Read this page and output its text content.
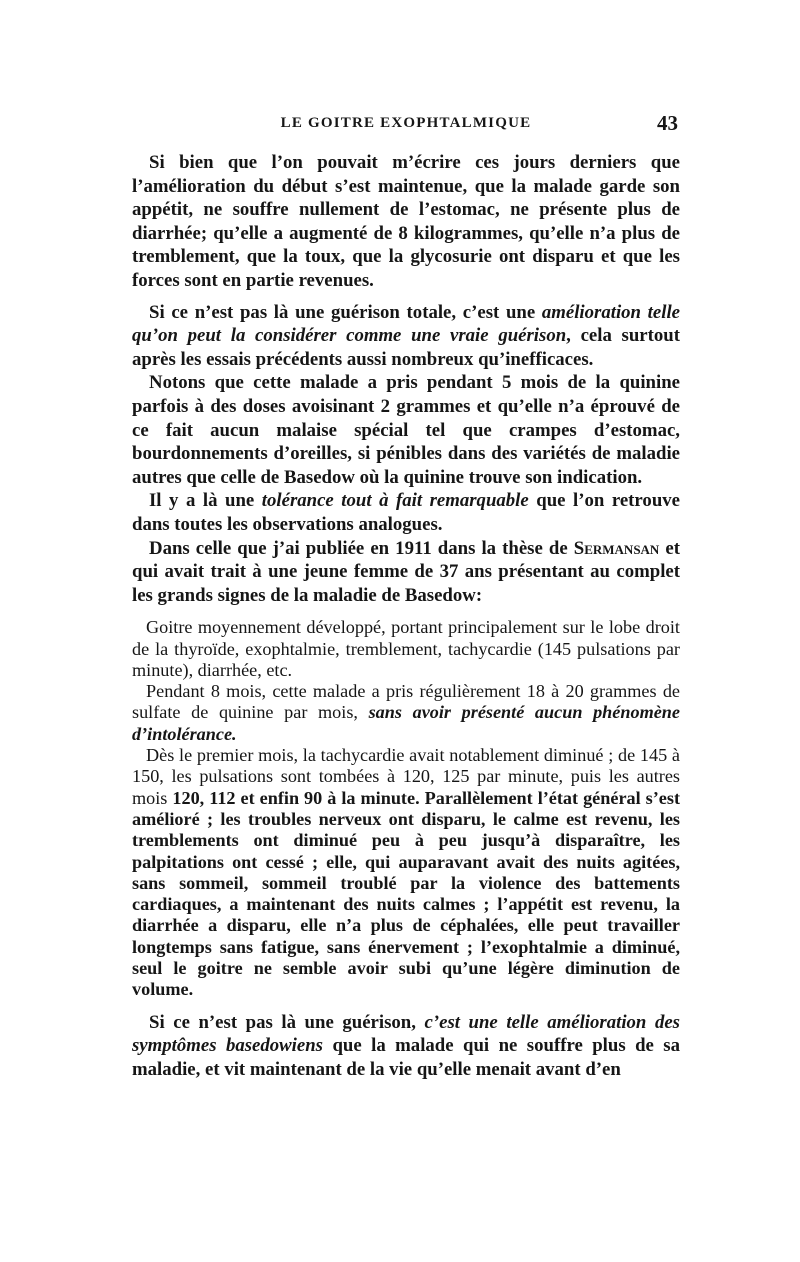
LE GOITRE EXOPHTALMIQUE	43

Si bien que l’on pouvait m’écrire ces jours derniers que l’amélioration du début s’est maintenue, que la malade garde son appétit, ne souffre nullement de l’estomac, ne présente plus de diarrhée; qu’elle a augmenté de 8 kilogrammes, qu’elle n’a plus de tremblement, que la toux, que la glycosurie ont disparu et que les forces sont en partie revenues.

Si ce n’est pas là une guérison totale, c’est une amélioration telle qu’on peut la considérer comme une vraie guérison, cela surtout après les essais précédents aussi nombreux qu’inefficaces.

Notons que cette malade a pris pendant 5 mois de la quinine parfois à des doses avoisinant 2 grammes et qu’elle n’a éprouvé de ce fait aucun malaise spécial tel que crampes d’estomac, bourdonnements d’oreilles, si pénibles dans des variétés de maladie autres que celle de Basedow où la quinine trouve son indication.

Il y a là une tolérance tout à fait remarquable que l’on retrouve dans toutes les observations analogues.

Dans celle que j’ai publiée en 1911 dans la thèse de Sermansan et qui avait trait à une jeune femme de 37 ans présentant au complet les grands signes de la maladie de Basedow:

Goitre moyennement développé, portant principalement sur le lobe droit de la thyroïde, exophtalmie, tremblement, tachycardie (145 pulsations par minute), diarrhée, etc.

Pendant 8 mois, cette malade a pris régulièrement 18 à 20 grammes de sulfate de quinine par mois, sans avoir présenté aucun phénomène d’intolérance.

Dès le premier mois, la tachycardie avait notablement diminué ; de 145 à 150, les pulsations sont tombées à 120, 125 par minute, puis les autres mois 120, 112 et enfin 90 à la minute. Parallèlement l’état général s’est amélioré ; les troubles nerveux ont disparu, le calme est revenu, les tremblements ont diminué peu à peu jusqu’à disparaître, les palpitations ont cessé ; elle, qui auparavant avait des nuits agitées, sans sommeil, sommeil troublé par la violence des battements cardiaques, a maintenant des nuits calmes ; l’appétit est revenu, la diarrhée a disparu, elle n’a plus de céphalées, elle peut travailler longtemps sans fatigue, sans énervement ; l’exophtalmie a diminué, seul le goitre ne semble avoir subi qu’une légère diminution de volume.

Si ce n’est pas là une guérison, c’est une telle amélioration des symptômes basedowiens que la malade qui ne souffre plus de sa maladie, et vit maintenant de la vie qu’elle menait avant d’en
